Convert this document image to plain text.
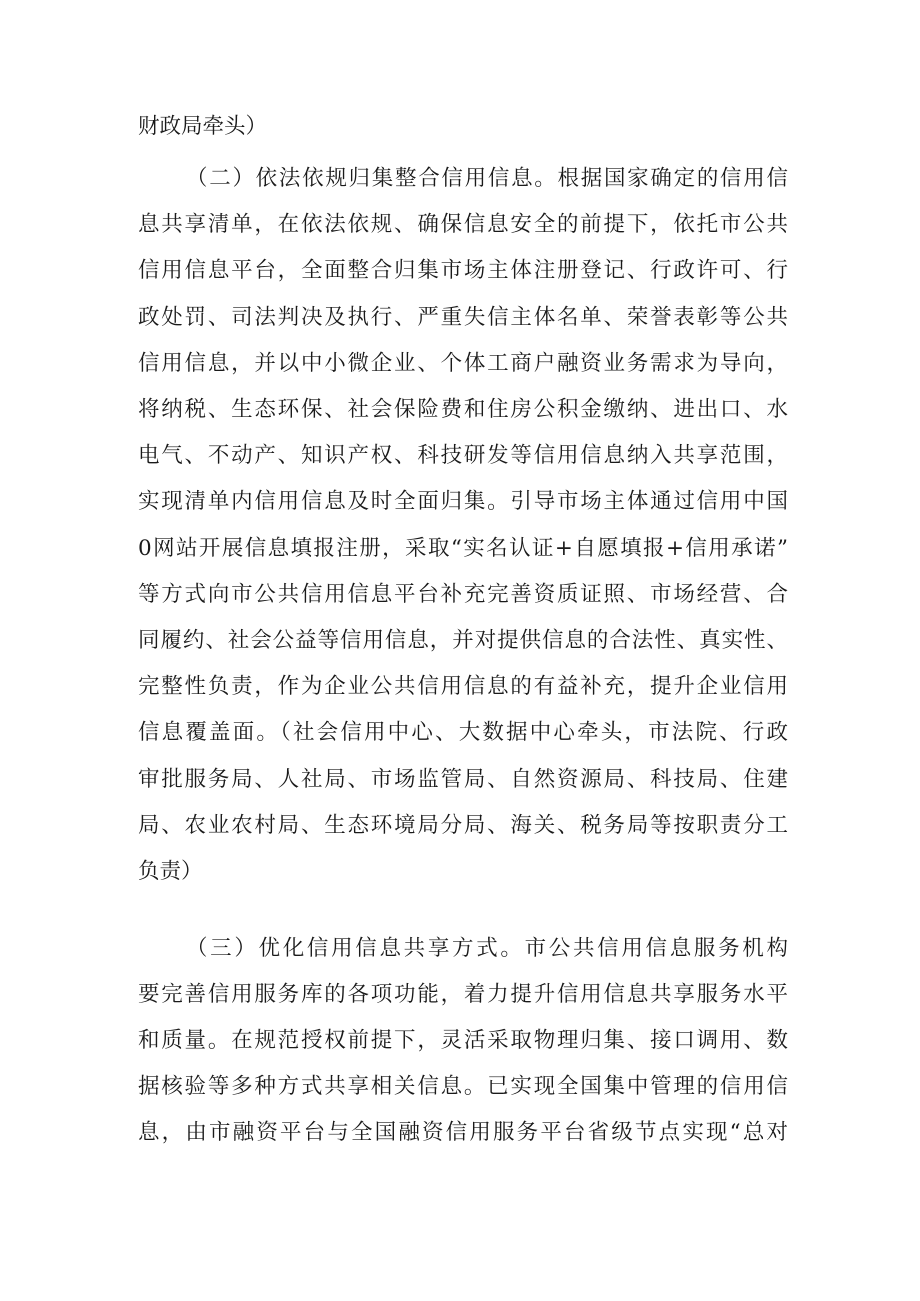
财政局牵头）
（二）依法依规归集整合信用信息。根据国家确定的信用信
息共享清单，在依法依规、确保信息安全的前提下，依托市公共
信用信息平台，全面整合归集市场主体注册登记、行政许可、行
政处罚、司法判决及执行、严重失信主体名单、荣誉表彰等公共
信用信息，并以中小微企业、个体工商户融资业务需求为导向，
将纳税、生态环保、社会保险费和住房公积金缴纳、进出口、水
电气、不动产、知识产权、科技研发等信用信息纳入共享范围，
实现清单内信用信息及时全面归集。引导市场主体通过信用中国
0网站开展信息填报注册，采取“实名认证+自愿填报+信用承诺”
等方式向市公共信用信息平台补充完善资质证照、市场经营、合
同履约、社会公益等信用信息，并对提供信息的合法性、真实性、
完整性负责，作为企业公共信用信息的有益补充，提升企业信用
信息覆盖面。（社会信用中心、大数据中心牵头，市法院、行政
审批服务局、人社局、市场监管局、自然资源局、科技局、住建
局、农业农村局、生态环境局分局、海关、税务局等按职责分工
负责）
（三）优化信用信息共享方式。市公共信用信息服务机构
要完善信用服务库的各项功能，着力提升信用信息共享服务水平
和质量。在规范授权前提下，灵活采取物理归集、接口调用、数
据核验等多种方式共享相关信息。已实现全国集中管理的信用信
息，由市融资平台与全国融资信用服务平台省级节点实现“总对
